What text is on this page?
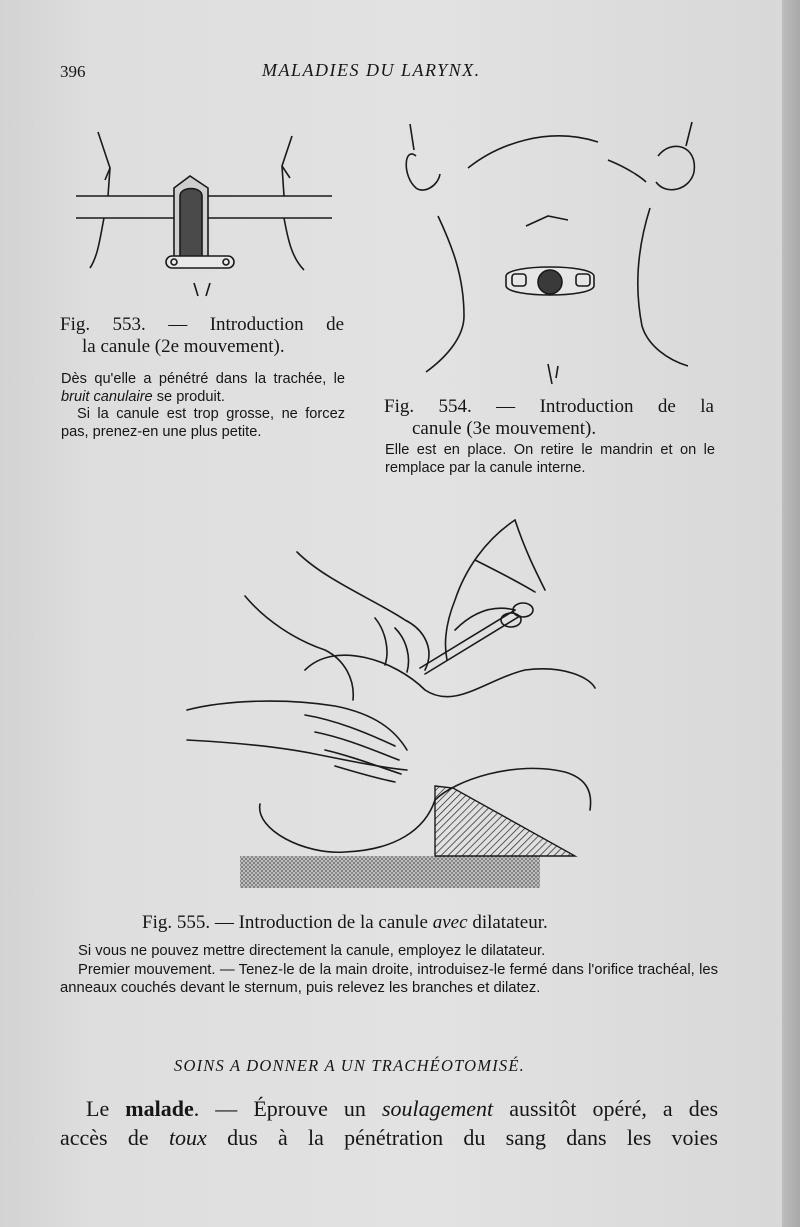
396	MALADIES DU LARYNX.
Fig. 553. — Introduction de
la canule (2e mouvement).
Dès qu'elle a pénétré dans la trachée, le bruit canulaire se produit.
Si la canule est trop grosse, ne forcez pas, prenez-en une plus petite.
Fig. 554. — Introduction de la
canule (3e mouvement).
Elle est en place. On retire le mandrin et on le remplace par la canule interne.
Fig. 555. — Introduction de la canule avec dilatateur.
Si vous ne pouvez mettre directement la canule, employez le dilatateur.
Premier mouvement. — Tenez-le de la main droite, introduisez-le fermé dans l'orifice trachéal, les anneaux couchés devant le sternum, puis relevez les branches et dilatez.
SOINS A DONNER A UN TRACHÉOTOMISÉ.
Le malade. — Éprouve un soulagement aussitôt opéré, a des
accès de toux dus à la pénétration du sang dans les voies
